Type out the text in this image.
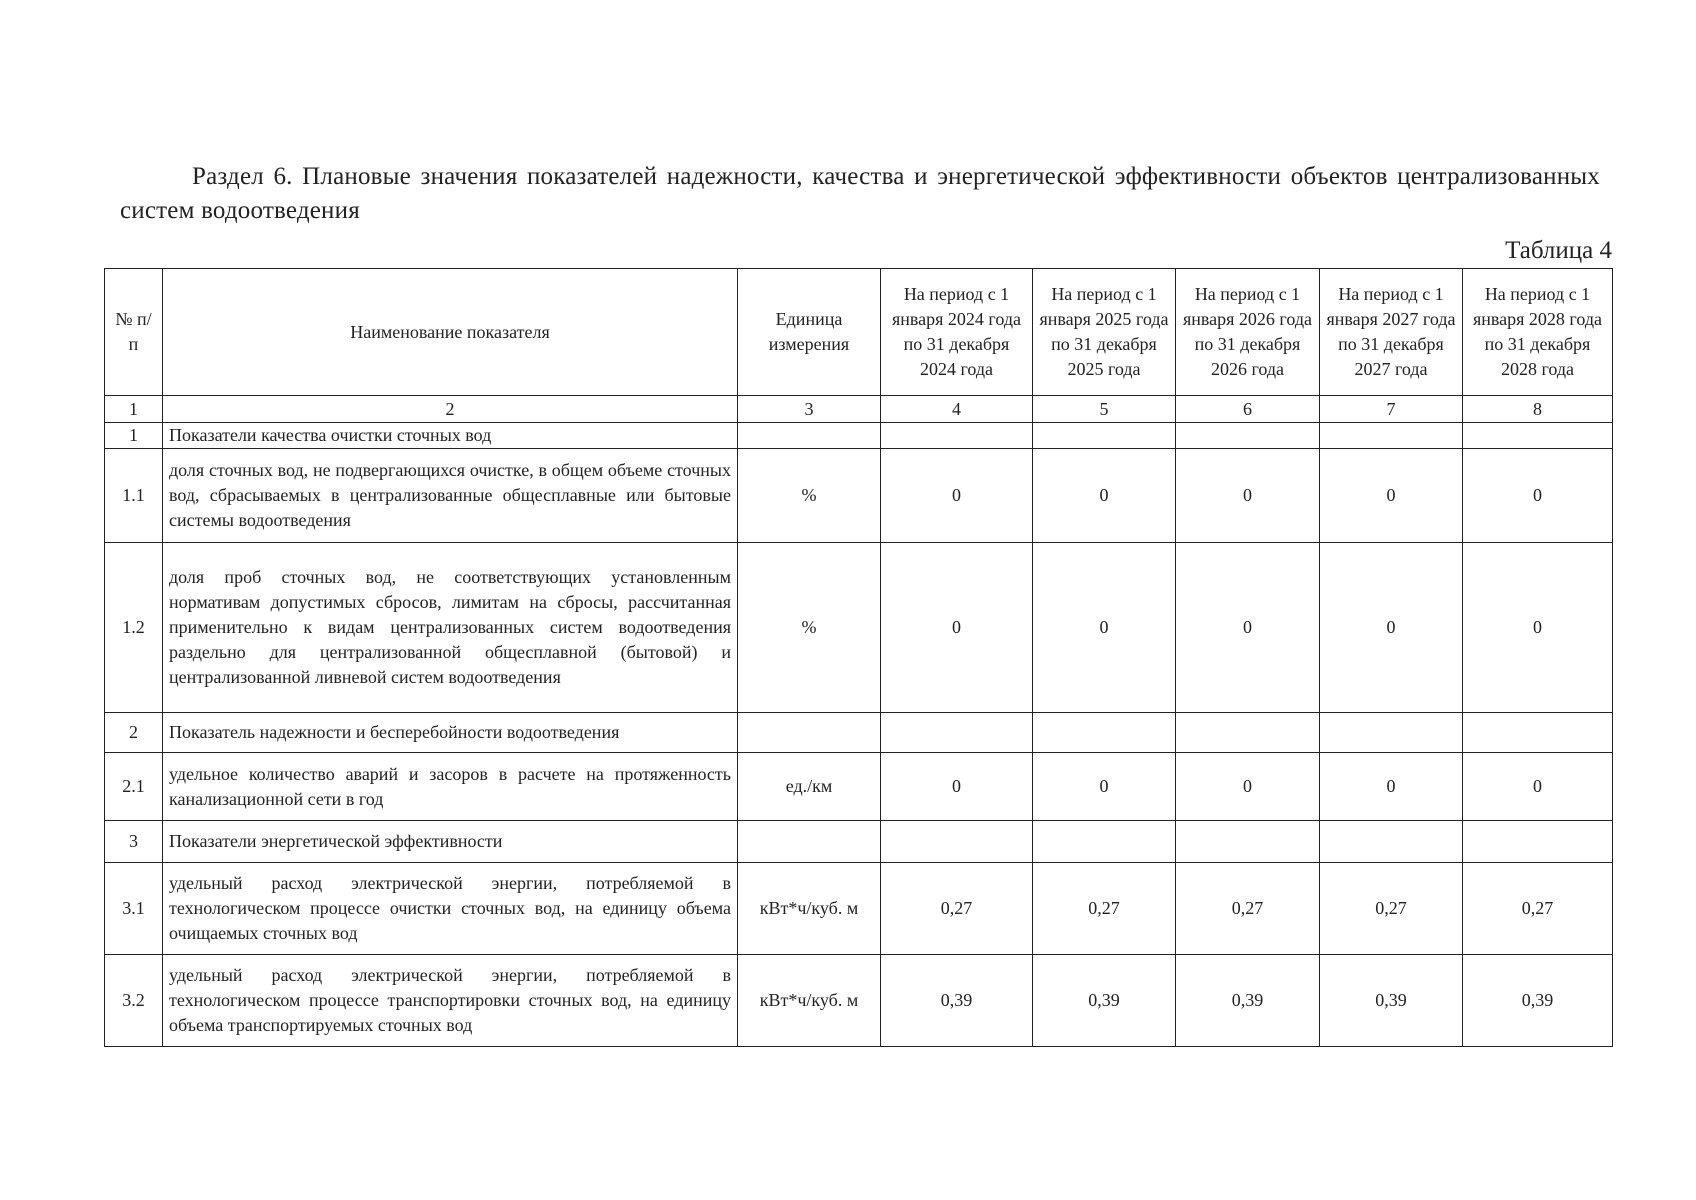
Раздел 6. Плановые значения показателей надежности, качества и энергетической эффективности объектов централизованных систем водоотведения
Таблица 4
№ п/п	Наименование показателя	Единица измерения	На период с 1 января 2024 года по 31 декабря 2024 года	На период с 1 января 2025 года по 31 декабря 2025 года	На период с 1 января 2026 года по 31 декабря 2026 года	На период с 1 января 2027 года по 31 декабря 2027 года	На период с 1 января 2028 года по 31 декабря 2028 года
1	2	3	4	5	6	7	8
1	Показатели качества очистки сточных вод						
1.1	доля сточных вод, не подвергающихся очистке, в общем объеме сточных вод, сбрасываемых в централизованные общесплавные или бытовые системы водоотведения	%	0	0	0	0	0
1.2	доля проб сточных вод, не соответствующих установленным нормативам допустимых сбросов, лимитам на сбросы, рассчитанная применительно к видам централизованных систем водоотведения раздельно для централизованной общесплавной (бытовой) и централизованной ливневой систем водоотведения	%	0	0	0	0	0
2	Показатель надежности и бесперебойности водоотведения						
2.1	удельное количество аварий и засоров в расчете на протяженность канализационной сети в год	ед./км	0	0	0	0	0
3	Показатели энергетической эффективности						
3.1	удельный расход электрической энергии, потребляемой в технологическом процессе очистки сточных вод, на единицу объема очищаемых сточных вод	кВт*ч/куб. м	0,27	0,27	0,27	0,27	0,27
3.2	удельный расход электрической энергии, потребляемой в технологическом процессе транспортировки сточных вод, на единицу объема транспортируемых сточных вод	кВт*ч/куб. м	0,39	0,39	0,39	0,39	0,39
